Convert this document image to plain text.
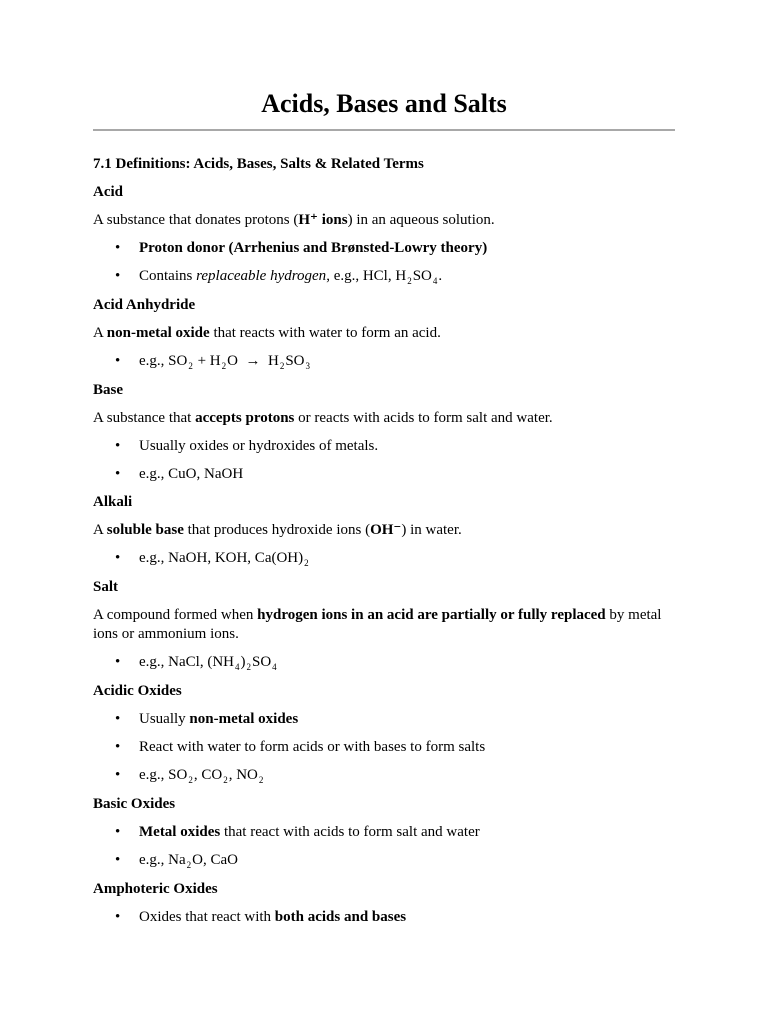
Acids, Bases and Salts

7.1 Definitions: Acids, Bases, Salts & Related Terms

Acid

A substance that donates protons (H⁺ ions) in an aqueous solution.

• Proton donor (Arrhenius and Brønsted-Lowry theory)
• Contains replaceable hydrogen, e.g., HCl, $H_2SO_4$.

Acid Anhydride

A non-metal oxide that reacts with water to form an acid.

• e.g., $SO_2 + H_2O \to H_2SO_3$

Base

A substance that accepts protons or reacts with acids to form salt and water.

• Usually oxides or hydroxides of metals.
• e.g., CuO, NaOH

Alkali

A soluble base that produces hydroxide ions (OH⁻) in water.

• e.g., NaOH, KOH, $Ca(OH)_2$

Salt

A compound formed when hydrogen ions in an acid are partially or fully replaced by metal ions or ammonium ions.

• e.g., NaCl, $(NH_4)_2SO_4$

Acidic Oxides

• Usually non-metal oxides
• React with water to form acids or with bases to form salts
• e.g., $SO_2$, $CO_2$, $NO_2$

Basic Oxides

• Metal oxides that react with acids to form salt and water
• e.g., $Na_2O$, CaO

Amphoteric Oxides

• Oxides that react with both acids and bases
